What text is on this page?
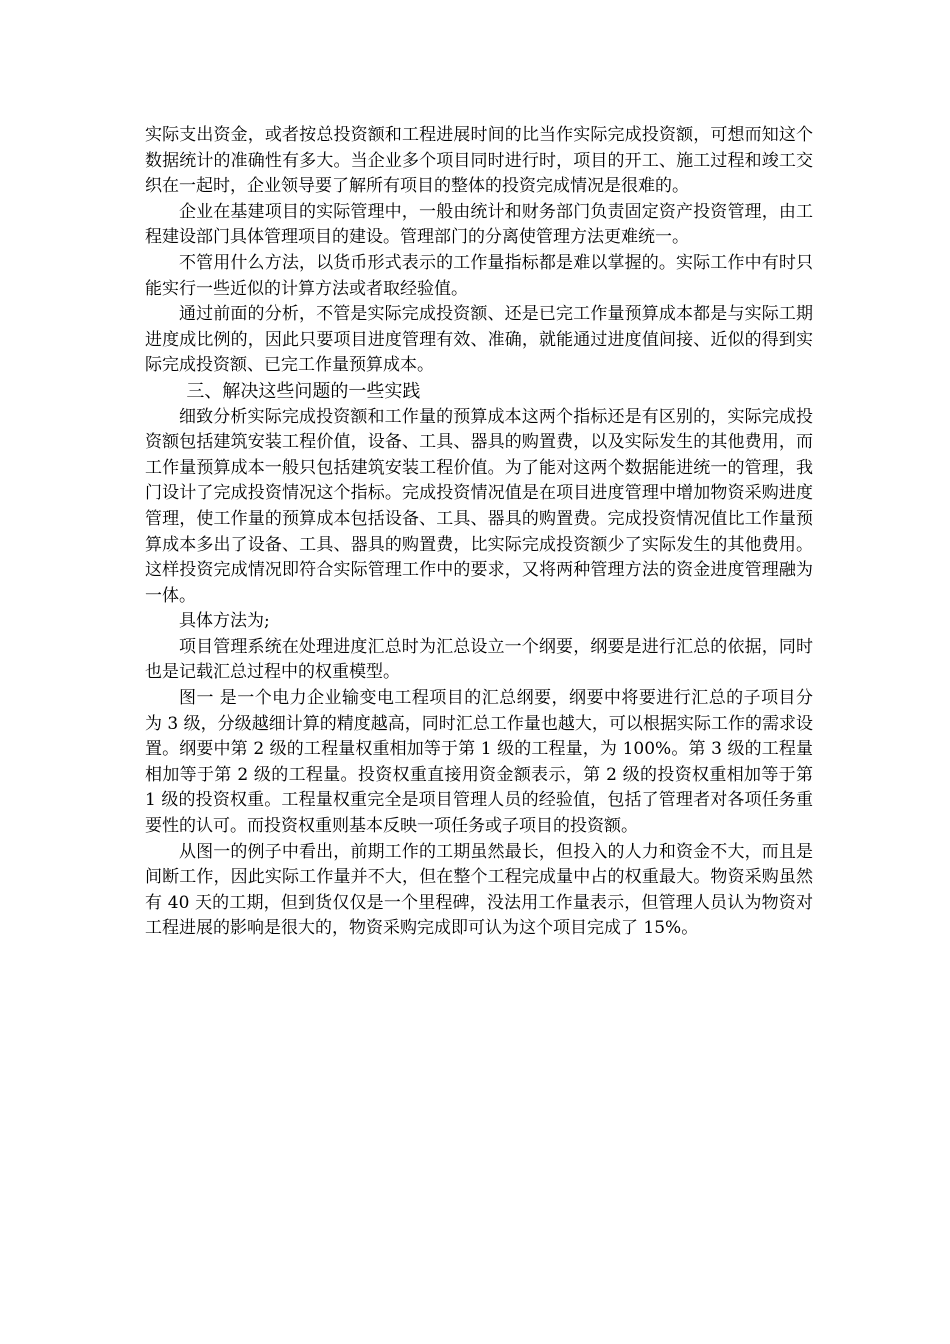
实际支出资金，或者按总投资额和工程进展时间的比当作实际完成投资额，可想而知这个数据统计的准确性有多大。当企业多个项目同时进行时，项目的开工、施工过程和竣工交织在一起时，企业领导要了解所有项目的整体的投资完成情况是很难的。

企业在基建项目的实际管理中，一般由统计和财务部门负责固定资产投资管理，由工程建设部门具体管理项目的建设。管理部门的分离使管理方法更难统一。

不管用什么方法，以货币形式表示的工作量指标都是难以掌握的。实际工作中有时只能实行一些近似的计算方法或者取经验值。

通过前面的分析，不管是实际完成投资额、还是已完工作量预算成本都是与实际工期进度成比例的，因此只要项目进度管理有效、准确，就能通过进度值间接、近似的得到实际完成投资额、已完工作量预算成本。

三、解决这些问题的一些实践

细致分析实际完成投资额和工作量的预算成本这两个指标还是有区别的，实际完成投资额包括建筑安装工程价值，设备、工具、器具的购置费，以及实际发生的其他费用，而工作量预算成本一般只包括建筑安装工程价值。为了能对这两个数据能进统一的管理，我门设计了完成投资情况这个指标。完成投资情况值是在项目进度管理中增加物资采购进度管理，使工作量的预算成本包括设备、工具、器具的购置费。完成投资情况值比工作量预算成本多出了设备、工具、器具的购置费，比实际完成投资额少了实际发生的其他费用。这样投资完成情况即符合实际管理工作中的要求，又将两种管理方法的资金进度管理融为一体。

具体方法为;

项目管理系统在处理进度汇总时为汇总设立一个纲要，纲要是进行汇总的依据，同时也是记载汇总过程中的权重模型。

图一 是一个电力企业输变电工程项目的汇总纲要，纲要中将要进行汇总的子项目分为 3 级，分级越细计算的精度越高，同时汇总工作量也越大，可以根据实际工作的需求设置。纲要中第 2 级的工程量权重相加等于第 1 级的工程量，为 100%。第 3 级的工程量相加等于第 2 级的工程量。投资权重直接用资金额表示，第 2 级的投资权重相加等于第 1 级的投资权重。工程量权重完全是项目管理人员的经验值，包括了管理者对各项任务重要性的认可。而投资权重则基本反映一项任务或子项目的投资额。

从图一的例子中看出，前期工作的工期虽然最长，但投入的人力和资金不大，而且是间断工作，因此实际工作量并不大，但在整个工程完成量中占的权重最大。物资采购虽然有 40 天的工期，但到货仅仅是一个里程碑，没法用工作量表示，但管理人员认为物资对工程进展的影响是很大的，物资采购完成即可认为这个项目完成了 15%。
